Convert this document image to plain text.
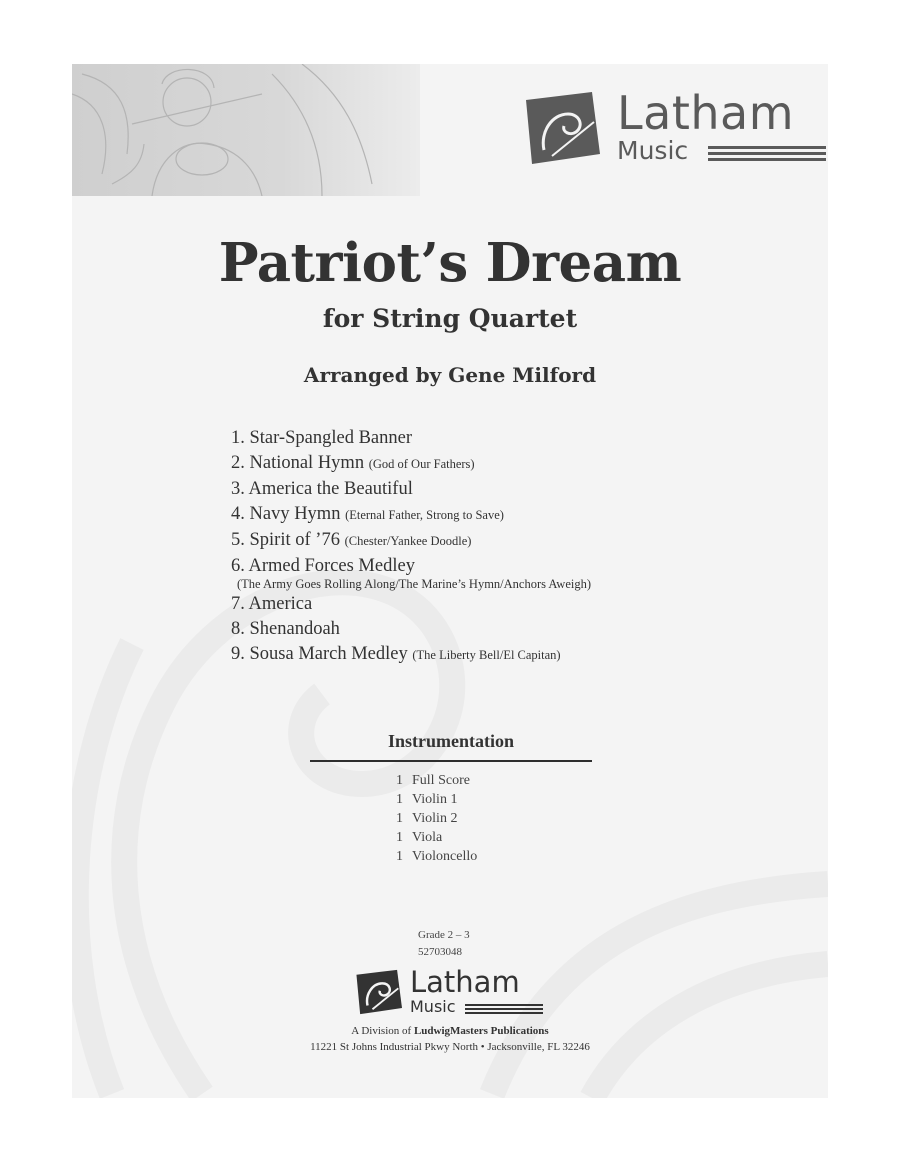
Latham
Music
Patriot’s Dream
for String Quartet
Arranged by Gene Milford
1. Star-Spangled Banner
2. National Hymn (God of Our Fathers)
3. America the Beautiful
4. Navy Hymn (Eternal Father, Strong to Save)
5. Spirit of ’76 (Chester/Yankee Doodle)
6. Armed Forces Medley
(The Army Goes Rolling Along/The Marine’s Hymn/Anchors Aweigh)
7. America
8. Shenandoah
9. Sousa March Medley (The Liberty Bell/El Capitan)
Instrumentation
1 Full Score
1 Violin 1
1 Violin 2
1 Viola
1 Violoncello
Grade 2 – 3
52703048
Latham
Music
A Division of LudwigMasters Publications
11221 St Johns Industrial Pkwy North • Jacksonville, FL 32246
